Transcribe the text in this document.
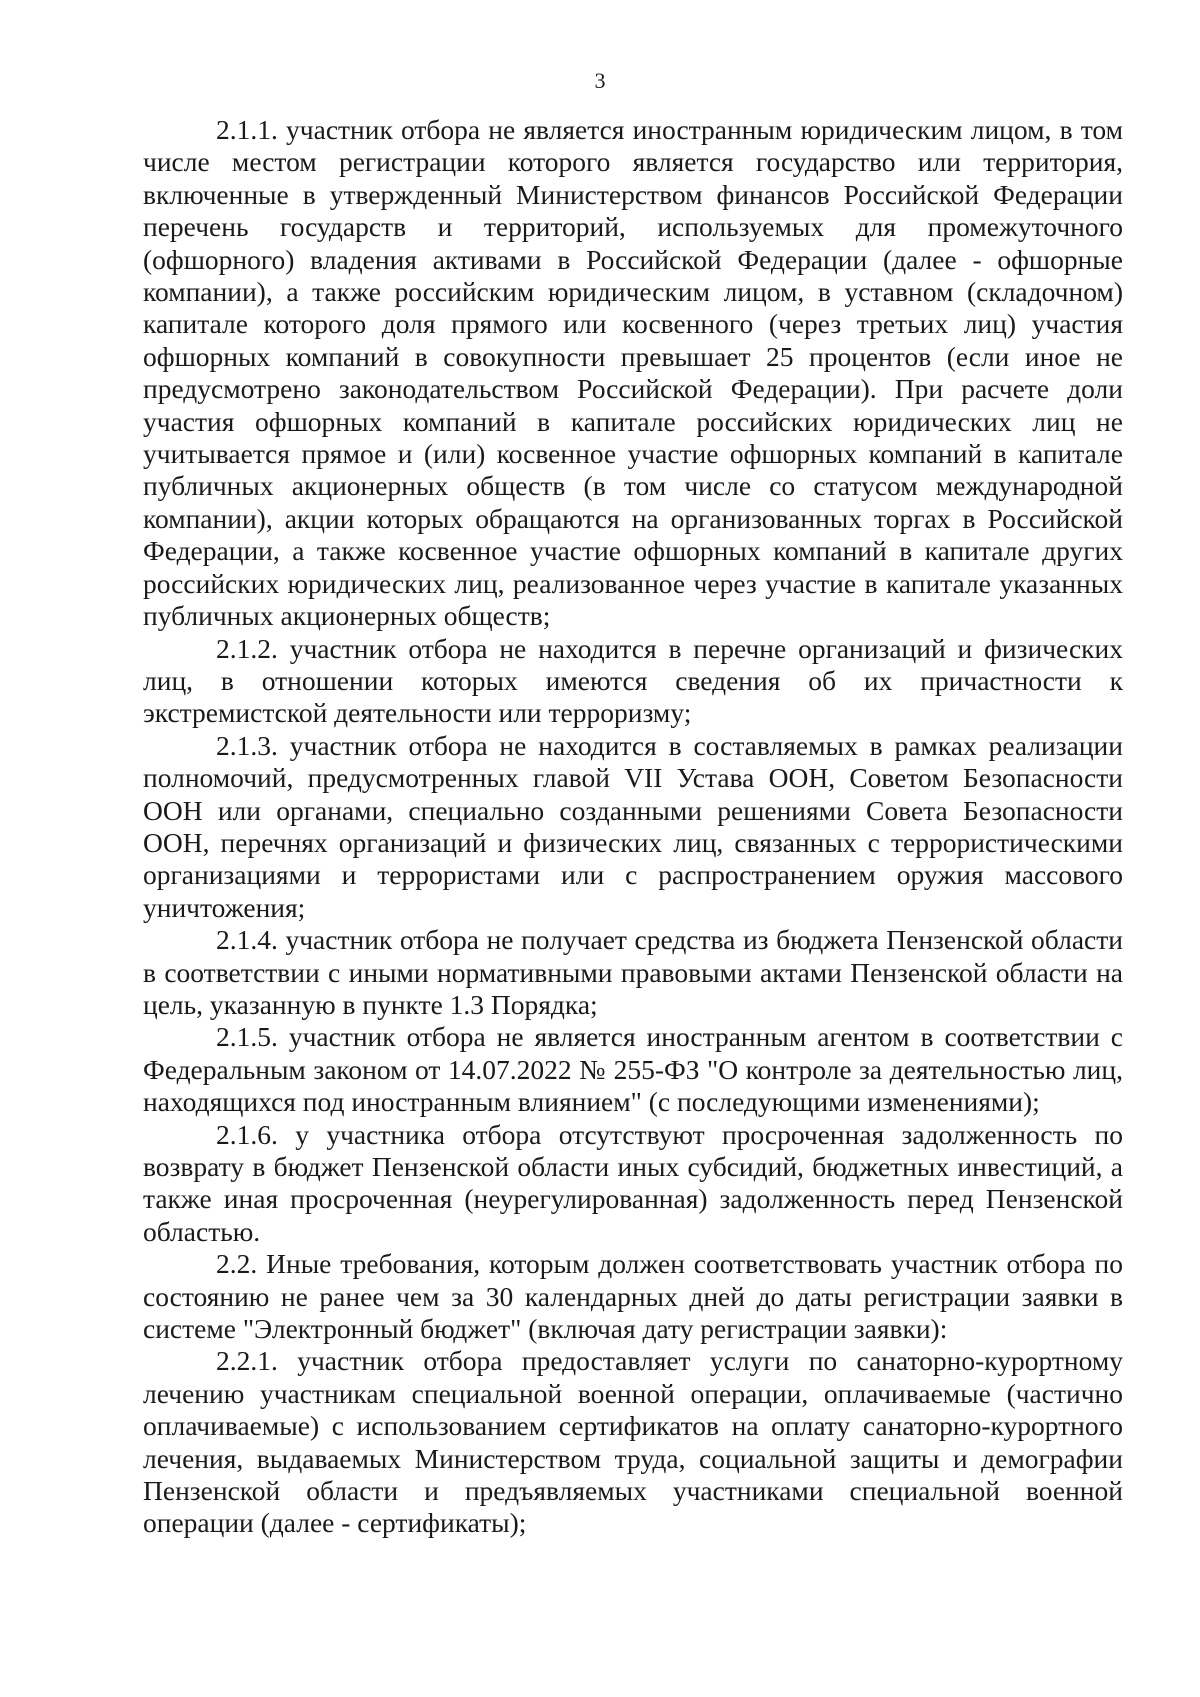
3

2.1.1. участник отбора не является иностранным юридическим лицом, в том числе местом регистрации которого является государство или территория, включенные в утвержденный Министерством финансов Российской Федерации перечень государств и территорий, используемых для промежуточного (офшорного) владения активами в Российской Федерации (далее - офшорные компании), а также российским юридическим лицом, в уставном (складочном) капитале которого доля прямого или косвенного (через третьих лиц) участия офшорных компаний в совокупности превышает 25 процентов (если иное не предусмотрено законодательством Российской Федерации). При расчете доли участия офшорных компаний в капитале российских юридических лиц не учитывается прямое и (или) косвенное участие офшорных компаний в капитале публичных акционерных обществ (в том числе со статусом международной компании), акции которых обращаются на организованных торгах в Российской Федерации, а также косвенное участие офшорных компаний в капитале других российских юридических лиц, реализованное через участие в капитале указанных публичных акционерных обществ;

2.1.2. участник отбора не находится в перечне организаций и физических лиц, в отношении которых имеются сведения об их причастности к экстремистской деятельности или терроризму;

2.1.3. участник отбора не находится в составляемых в рамках реализации полномочий, предусмотренных главой VII Устава ООН, Советом Безопасности ООН или органами, специально созданными решениями Совета Безопасности ООН, перечнях организаций и физических лиц, связанных с террористическими организациями и террористами или с распространением оружия массового уничтожения;

2.1.4. участник отбора не получает средства из бюджета Пензенской области в соответствии с иными нормативными правовыми актами Пензенской области на цель, указанную в пункте 1.3 Порядка;

2.1.5. участник отбора не является иностранным агентом в соответствии с Федеральным законом от 14.07.2022 № 255-ФЗ "О контроле за деятельностью лиц, находящихся под иностранным влиянием" (с последующими изменениями);

2.1.6. у участника отбора отсутствуют просроченная задолженность по возврату в бюджет Пензенской области иных субсидий, бюджетных инвестиций, а также иная просроченная (неурегулированная) задолженность перед Пензенской областью.

2.2. Иные требования, которым должен соответствовать участник отбора по состоянию не ранее чем за 30 календарных дней до даты регистрации заявки в системе "Электронный бюджет" (включая дату регистрации заявки):

2.2.1. участник отбора предоставляет услуги по санаторно-курортному лечению участникам специальной военной операции, оплачиваемые (частично оплачиваемые) с использованием сертификатов на оплату санаторно-курортного лечения, выдаваемых Министерством труда, социальной защиты и демографии Пензенской области и предъявляемых участниками специальной военной операции (далее - сертификаты);
